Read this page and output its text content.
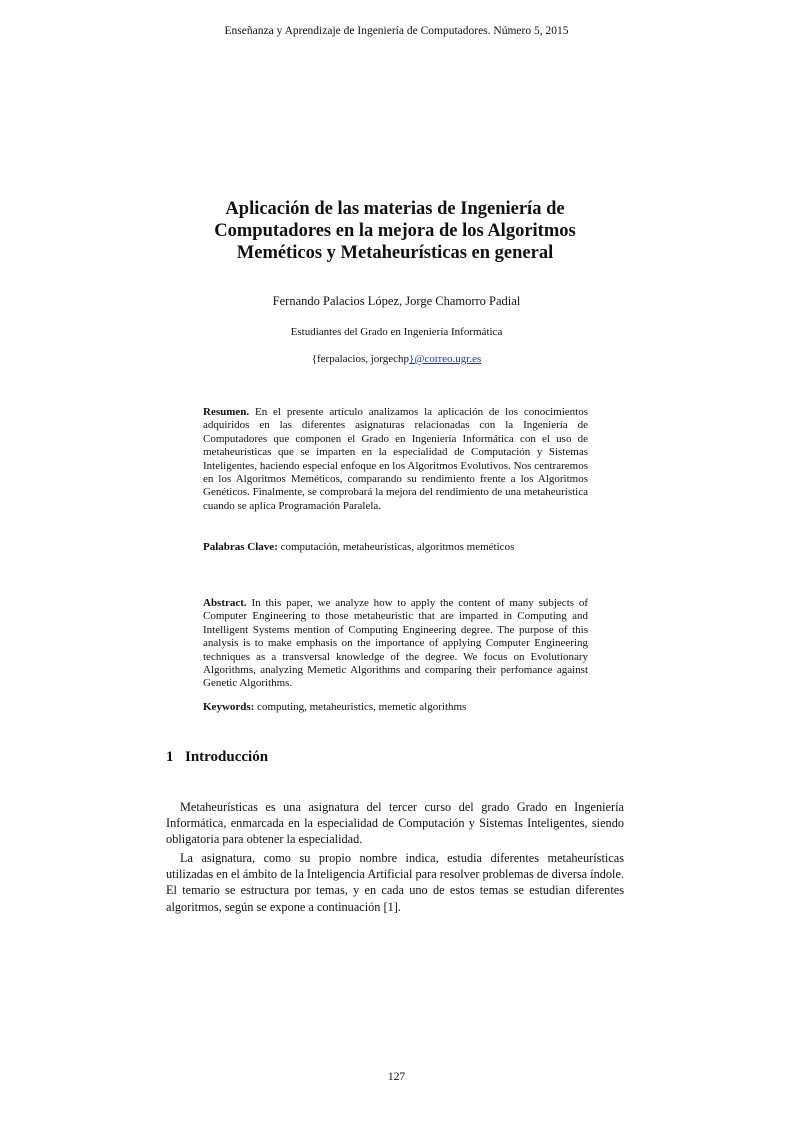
Enseñanza y Aprendizaje de Ingeniería de Computadores. Número 5, 2015
Aplicación de las materias de Ingeniería de
Computadores en la mejora de los Algoritmos
Meméticos y Metaheurísticas en general
Fernando Palacios López, Jorge Chamorro Padial
Estudiantes del Grado en Ingeniería Informática
{ferpalacios, jorgechp}@correo.ugr.es

Resumen. En el presente artículo analizamos la aplicación de los conocimientos adquiridos en las diferentes asignaturas relacionadas con la Ingeniería de Computadores que componen el Grado en Ingeniería Informática con el uso de metaheurísticas que se imparten en la especialidad de Computación y Sistemas Inteligentes, haciendo especial enfoque en los Algoritmos Evolutivos. Nos centraremos en los Algoritmos Meméticos, comparando su rendimiento frente a los Algoritmos Genéticos. Finalmente, se comprobará la mejora del rendimiento de una metaheurística cuando se aplica Programación Paralela.

Palabras Clave: computación, metaheurísticas, algoritmos meméticos

Abstract. In this paper, we analyze how to apply the content of many subjects of Computer Engineering to those metaheuristic that are imparted in Computing and Intelligent Systems mention of Computing Engineering degree. The purpose of this analysis is to make emphasis on the importance of applying Computer Engineering techniques as a transversal knowledge of the degree. We focus on Evolutionary Algorithms, analyzing Memetic Algorithms and comparing their perfomance against Genetic Algorithms.

Keywords: computing, metaheuristics, memetic algorithms

1 Introducción

Metaheurísticas es una asignatura del tercer curso del grado Grado en Ingeniería Informática, enmarcada en la especialidad de Computación y Sistemas Inteligentes, siendo obligatoria para obtener la especialidad.

La asignatura, como su propio nombre indica, estudia diferentes metaheurísticas utilizadas en el ámbito de la Inteligencia Artificial para resolver problemas de diversa índole. El temario se estructura por temas, y en cada uno de estos temas se estudian diferentes algoritmos, según se expone a continuación [1].

127
